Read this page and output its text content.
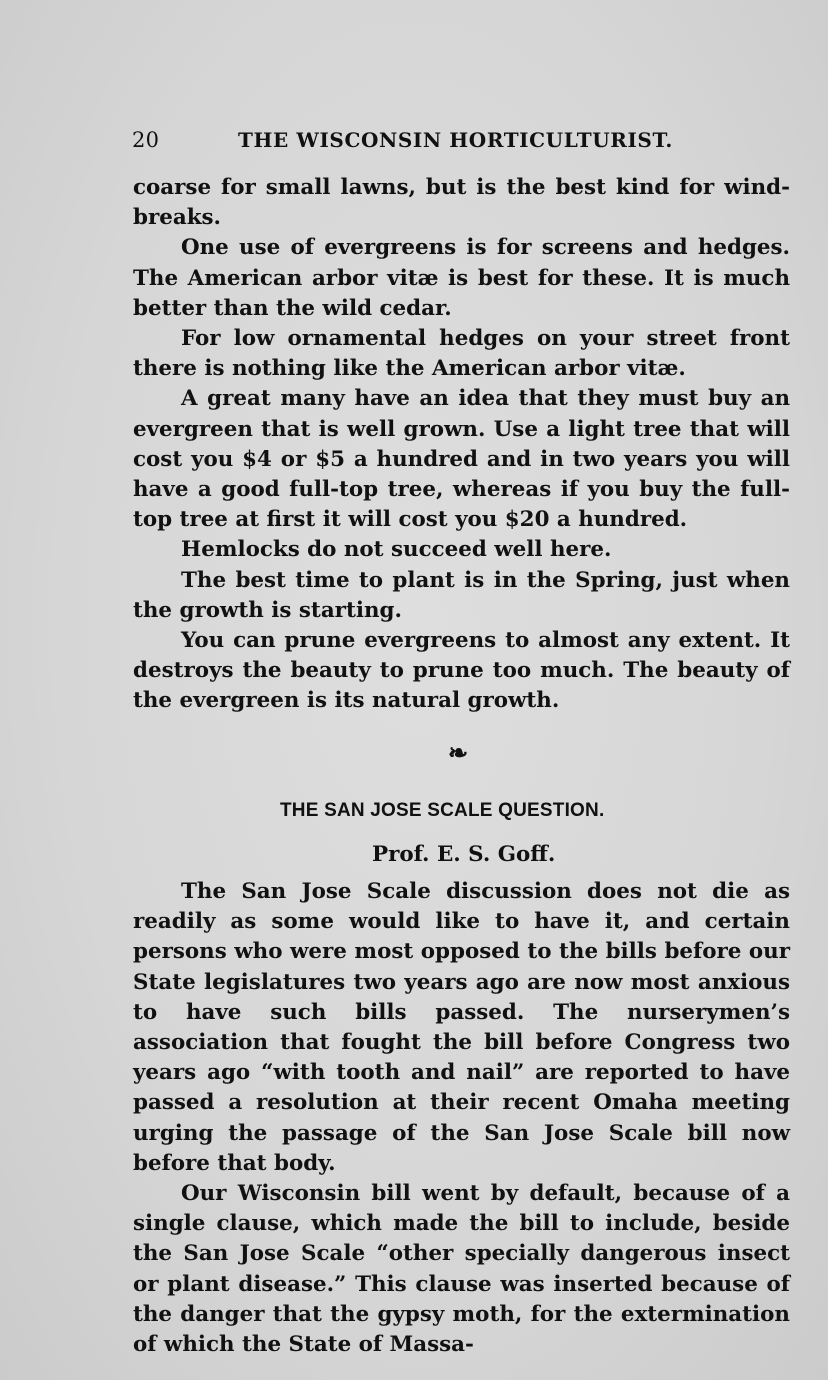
20	THE WISCONSIN HORTICULTURIST.

coarse for small lawns, but is the best kind for wind-breaks.

One use of evergreens is for screens and hedges. The American arbor vitæ is best for these. It is much better than the wild cedar.

For low ornamental hedges on your street front there is nothing like the American arbor vitæ.

A great many have an idea that they must buy an evergreen that is well grown. Use a light tree that will cost you $4 or $5 a hundred and in two years you will have a good full-top tree, whereas if you buy the full-top tree at first it will cost you $20 a hundred.

Hemlocks do not succeed well here.

The best time to plant is in the Spring, just when the growth is starting.

You can prune evergreens to almost any extent. It destroys the beauty to prune too much. The beauty of the evergreen is its natural growth.

❧
THE SAN JOSE SCALE QUESTION.
Prof. E. S. Goff.

The San Jose Scale discussion does not die as readily as some would like to have it, and certain persons who were most opposed to the bills before our State legislatures two years ago are now most anxious to have such bills passed. The nurserymen’s association that fought the bill before Congress two years ago “with tooth and nail” are reported to have passed a resolution at their recent Omaha meeting urging the passage of the San Jose Scale bill now before that body.

Our Wisconsin bill went by default, because of a single clause, which made the bill to include, beside the San Jose Scale “other specially dangerous insect or plant disease.” This clause was inserted because of the danger that the gypsy moth, for the extermination of which the State of Massa-
